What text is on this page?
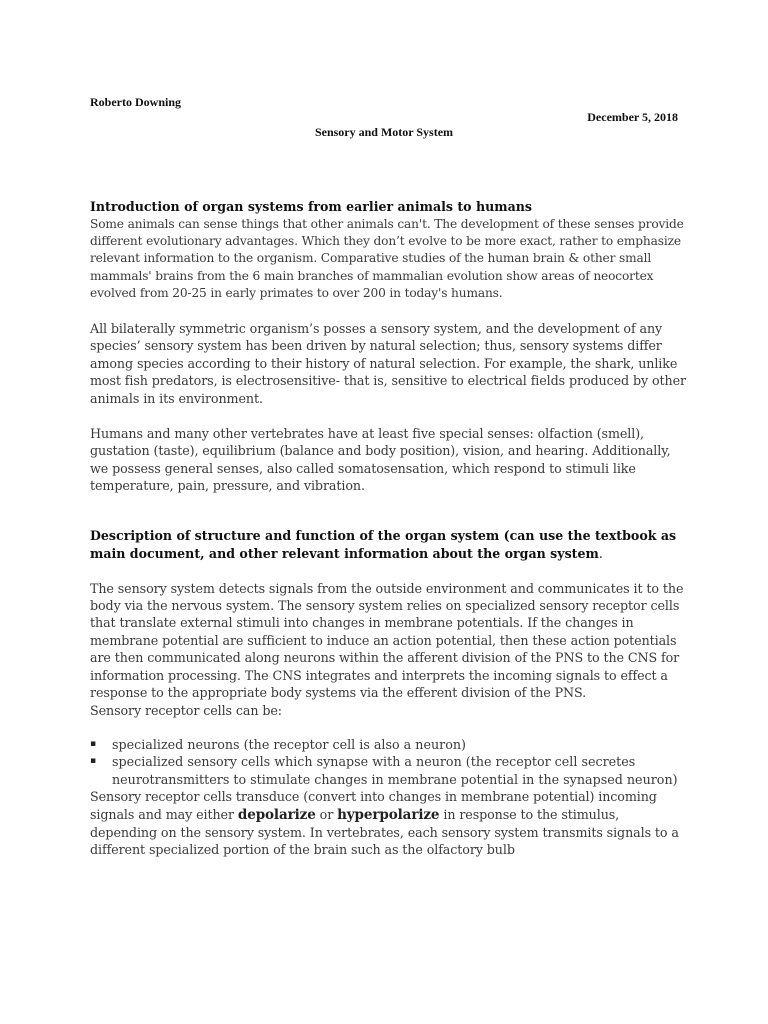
Roberto Downing
December 5, 2018
Sensory and Motor System

Introduction of organ systems from earlier animals to humans

Some animals can sense things that other animals can't. The development of these senses provide different evolutionary advantages. Which they don’t evolve to be more exact, rather to emphasize relevant information to the organism. Comparative studies of the human brain & other small mammals' brains from the 6 main branches of mammalian evolution show areas of neocortex evolved from 20-25 in early primates to over 200 in today's humans.

All bilaterally symmetric organism’s posses a sensory system, and the development of any species’ sensory system has been driven by natural selection; thus, sensory systems differ among species according to their history of natural selection. For example, the shark, unlike most fish predators, is electrosensitive- that is, sensitive to electrical fields produced by other animals in its environment.

Humans and many other vertebrates have at least five special senses: olfaction (smell), gustation (taste), equilibrium (balance and body position), vision, and hearing. Additionally, we possess general senses, also called somatosensation, which respond to stimuli like temperature, pain, pressure, and vibration.

Description of structure and function of the organ system (can use the textbook as main document, and other relevant information about the organ system.

The sensory system detects signals from the outside environment and communicates it to the body via the nervous system. The sensory system relies on specialized sensory receptor cells that translate external stimuli into changes in membrane potentials. If the changes in membrane potential are sufficient to induce an action potential, then these action potentials are then communicated along neurons within the afferent division of the PNS to the CNS for information processing. The CNS integrates and interprets the incoming signals to effect a response to the appropriate body systems via the efferent division of the PNS.

Sensory receptor cells can be:

▪ specialized neurons (the receptor cell is also a neuron)
▪ specialized sensory cells which synapse with a neuron (the receptor cell secretes neurotransmitters to stimulate changes in membrane potential in the synapsed neuron)

Sensory receptor cells transduce (convert into changes in membrane potential) incoming signals and may either depolarize or hyperpolarize in response to the stimulus, depending on the sensory system. In vertebrates, each sensory system transmits signals to a different specialized portion of the brain such as the olfactory bulb
